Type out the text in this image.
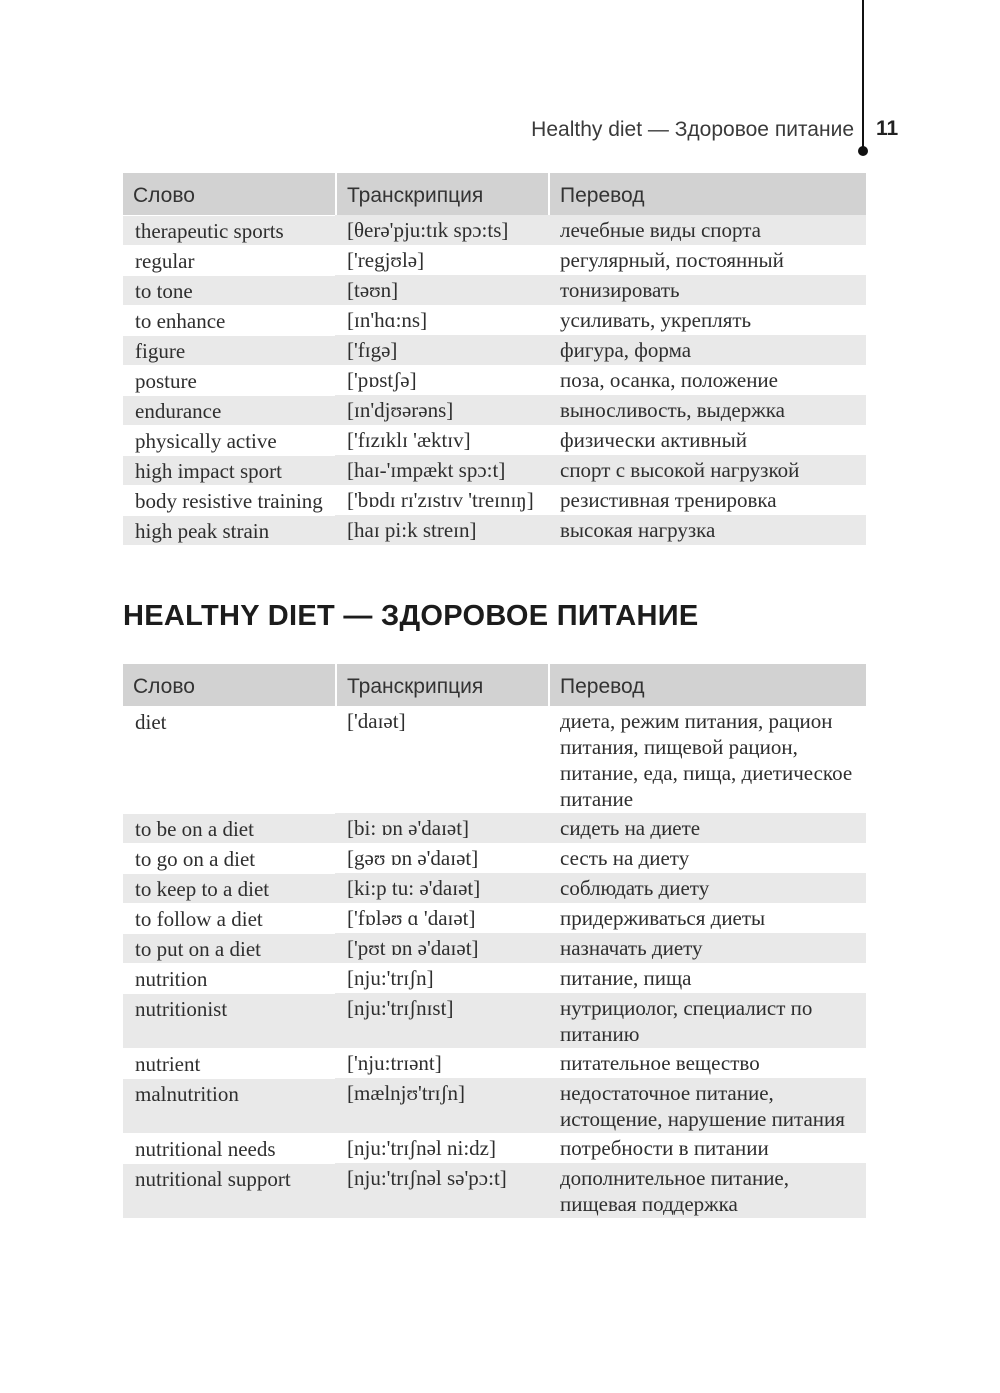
Healthy diet — Здоровое питание 11
Слово	Транскрипция	Перевод
therapeutic sports	[θerə'pju:tɪk spɔ:ts]	лечебные виды спорта
regular	['regjʊlə]	регулярный, постоянный
to tone	[təʊn]	тонизировать
to enhance	[ɪn'hɑ:ns]	усиливать, укреплять
figure	['fɪgə]	фигура, форма
posture	['pɒstʃə]	поза, осанка, положение
endurance	[ɪn'djʊərəns]	выносливость, выдержка
physically active	['fɪzɪklɪ 'æktɪv]	физически активный
high impact sport	[haɪ-'ɪmpækt spɔ:t]	спорт с высокой нагрузкой
body resistive training	['bɒdɪ rɪ'zɪstɪv 'treɪnɪŋ]	резистивная тренировка
high peak strain	[haɪ pi:k streɪn]	высокая нагрузка
HEALTHY DIET — ЗДОРОВОЕ ПИТАНИЕ
Слово	Транскрипция	Перевод
diet	['daɪət]	диета, режим питания, рацион питания, пищевой рацион, питание, еда, пища, диетическое питание
to be on a diet	[bi: ɒn ə'daɪət]	сидеть на диете
to go on a diet	[gəʊ ɒn ə'daɪət]	сесть на диету
to keep to a diet	[ki:p tu: ə'daɪət]	соблюдать диету
to follow a diet	['fɒləʊ ɑ 'daɪət]	придерживаться диеты
to put on a diet	['pʊt ɒn ə'daɪət]	назначать диету
nutrition	[nju:'trɪʃn]	питание, пища
nutritionist	[nju:'trɪʃnɪst]	нутрициолог, специалист по питанию
nutrient	['nju:trɪənt]	питательное вещество
malnutrition	[mælnjʊ'trɪʃn]	недостаточное питание, истощение, нарушение питания
nutritional needs	[nju:'trɪʃnəl ni:dz]	потребности в питании
nutritional support	[nju:'trɪʃnəl sə'pɔ:t]	дополнительное питание, пищевая поддержка
